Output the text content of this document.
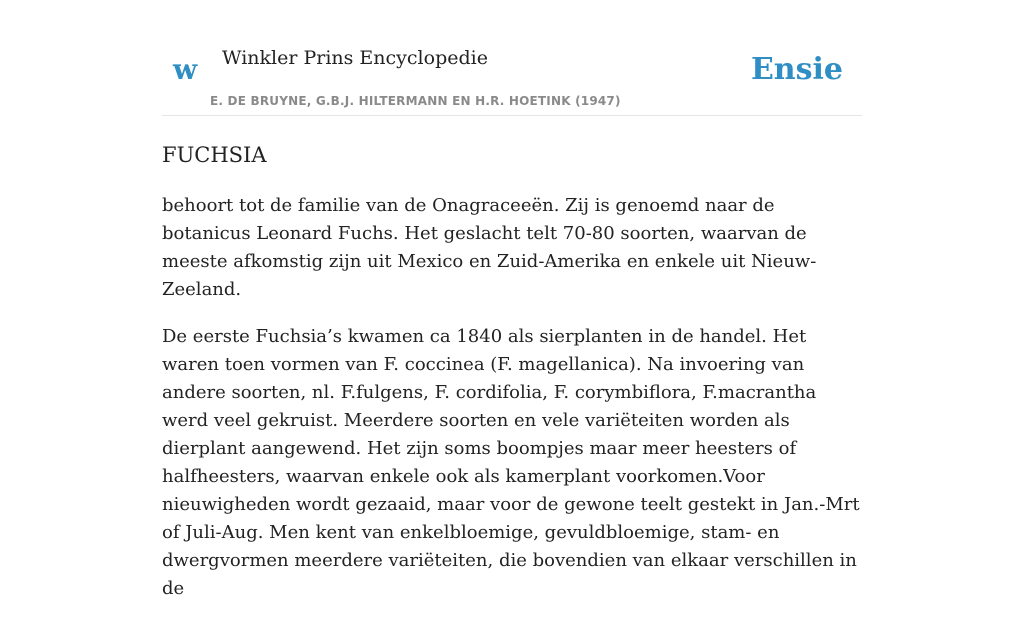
w Winkler Prins Encyclopedie
E. DE BRUYNE, G.B.J. HILTERMANN EN H.R. HOETINK (1947)
Ensie
FUCHSIA

behoort tot de familie van de Onagraceeën. Zij is genoemd naar de botanicus Leonard Fuchs. Het geslacht telt 70-80 soorten, waarvan de meeste afkomstig zijn uit Mexico en Zuid-Amerika en enkele uit Nieuw-Zeeland.

De eerste Fuchsia’s kwamen ca 1840 als sierplanten in de handel. Het waren toen vormen van F. coccinea (F. magellanica). Na invoering van andere soorten, nl. F.fulgens, F. cordifolia, F. corymbiflora, F.macrantha werd veel gekruist. Meerdere soorten en vele variëteiten worden als dierplant aangewend. Het zijn soms boompjes maar meer heesters of halfheesters, waarvan enkele ook als kamerplant voorkomen.Voor nieuwigheden wordt gezaaid, maar voor de gewone teelt gestekt in Jan.-Mrt of Juli-Aug. Men kent van enkelbloemige, gevuldbloemige, stam- en dwergvormen meerdere variëteiten, die bovendien van elkaar verschillen in de
